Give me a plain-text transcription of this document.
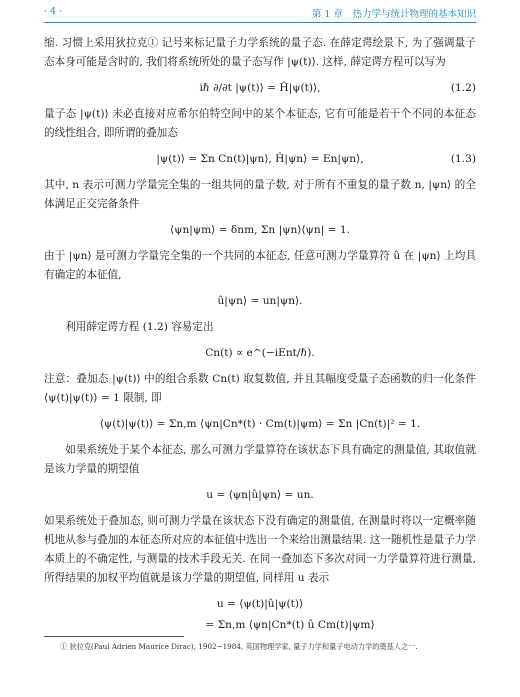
· 4 ·	第 1 章　热力学与统计物理的基本知识

缩. 习惯上采用狄拉克① 记号来标记量子力学系统的量子态. 在薛定谔绘景下, 为了强调量子态本身可能是含时的, 我们将系统所处的量子态写作 |ψ(t)⟩. 这样, 薛定谔方程可以写为

iℏ ∂/∂t |ψ(t)⟩ = Ĥ|ψ(t)⟩,	(1.2)

量子态 |ψ(t)⟩ 未必直接对应希尔伯特空间中的某个本征态, 它有可能是若干个不同的本征态的线性组合, 即所谓的叠加态

|ψ(t)⟩ = Σn Cn(t)|ψn⟩, Ĥ|ψn⟩ = En|ψn⟩,	(1.3)

其中, n 表示可测力学量完全集的一组共同的量子数, 对于所有不重复的量子数 n, |ψn⟩ 的全体满足正交完备条件

⟨ψn|ψm⟩ = δnm, Σn |ψn⟩⟨ψn| = 1.

由于 |ψn⟩ 是可测力学量完全集的一个共同的本征态, 任意可测力学量算符 û 在 |ψn⟩ 上均具有确定的本征值,

û|ψn⟩ = un|ψn⟩.

利用薛定谔方程 (1.2) 容易定出

Cn(t) ∝ e^(−iEnt/ℏ).

注意：叠加态 |ψ(t)⟩ 中的组合系数 Cn(t) 取复数值, 并且其幅度受量子态函数的归一化条件 ⟨ψ(t)|ψ(t)⟩ = 1 限制, 即

⟨ψ(t)|ψ(t)⟩ = Σn,m ⟨ψn|Cn*(t) · Cm(t)|ψm⟩ = Σn |Cn(t)|² = 1.

如果系统处于某个本征态, 那么可测力学量算符在该状态下具有确定的测量值, 其取值就是该力学量的期望值

u = ⟨ψn|û|ψn⟩ = un.

如果系统处于叠加态, 则可测力学量在该状态下没有确定的测量值, 在测量时将以一定概率随机地从参与叠加的本征态所对应的本征值中选出一个来给出测量结果. 这一随机性是量子力学本质上的不确定性, 与测量的技术手段无关. 在同一叠加态下多次对同一力学量算符进行测量, 所得结果的加权平均值就是该力学量的期望值, 同样用 u 表示

u = ⟨ψ(t)|û|ψ(t)⟩
= Σn,m ⟨ψn|Cn*(t) û Cm(t)|ψm⟩
① 狄拉克(Paul Adrien Maurice Dirac), 1902~1984, 英国物理学家, 量子力学和量子电动力学的奠基人之一.
